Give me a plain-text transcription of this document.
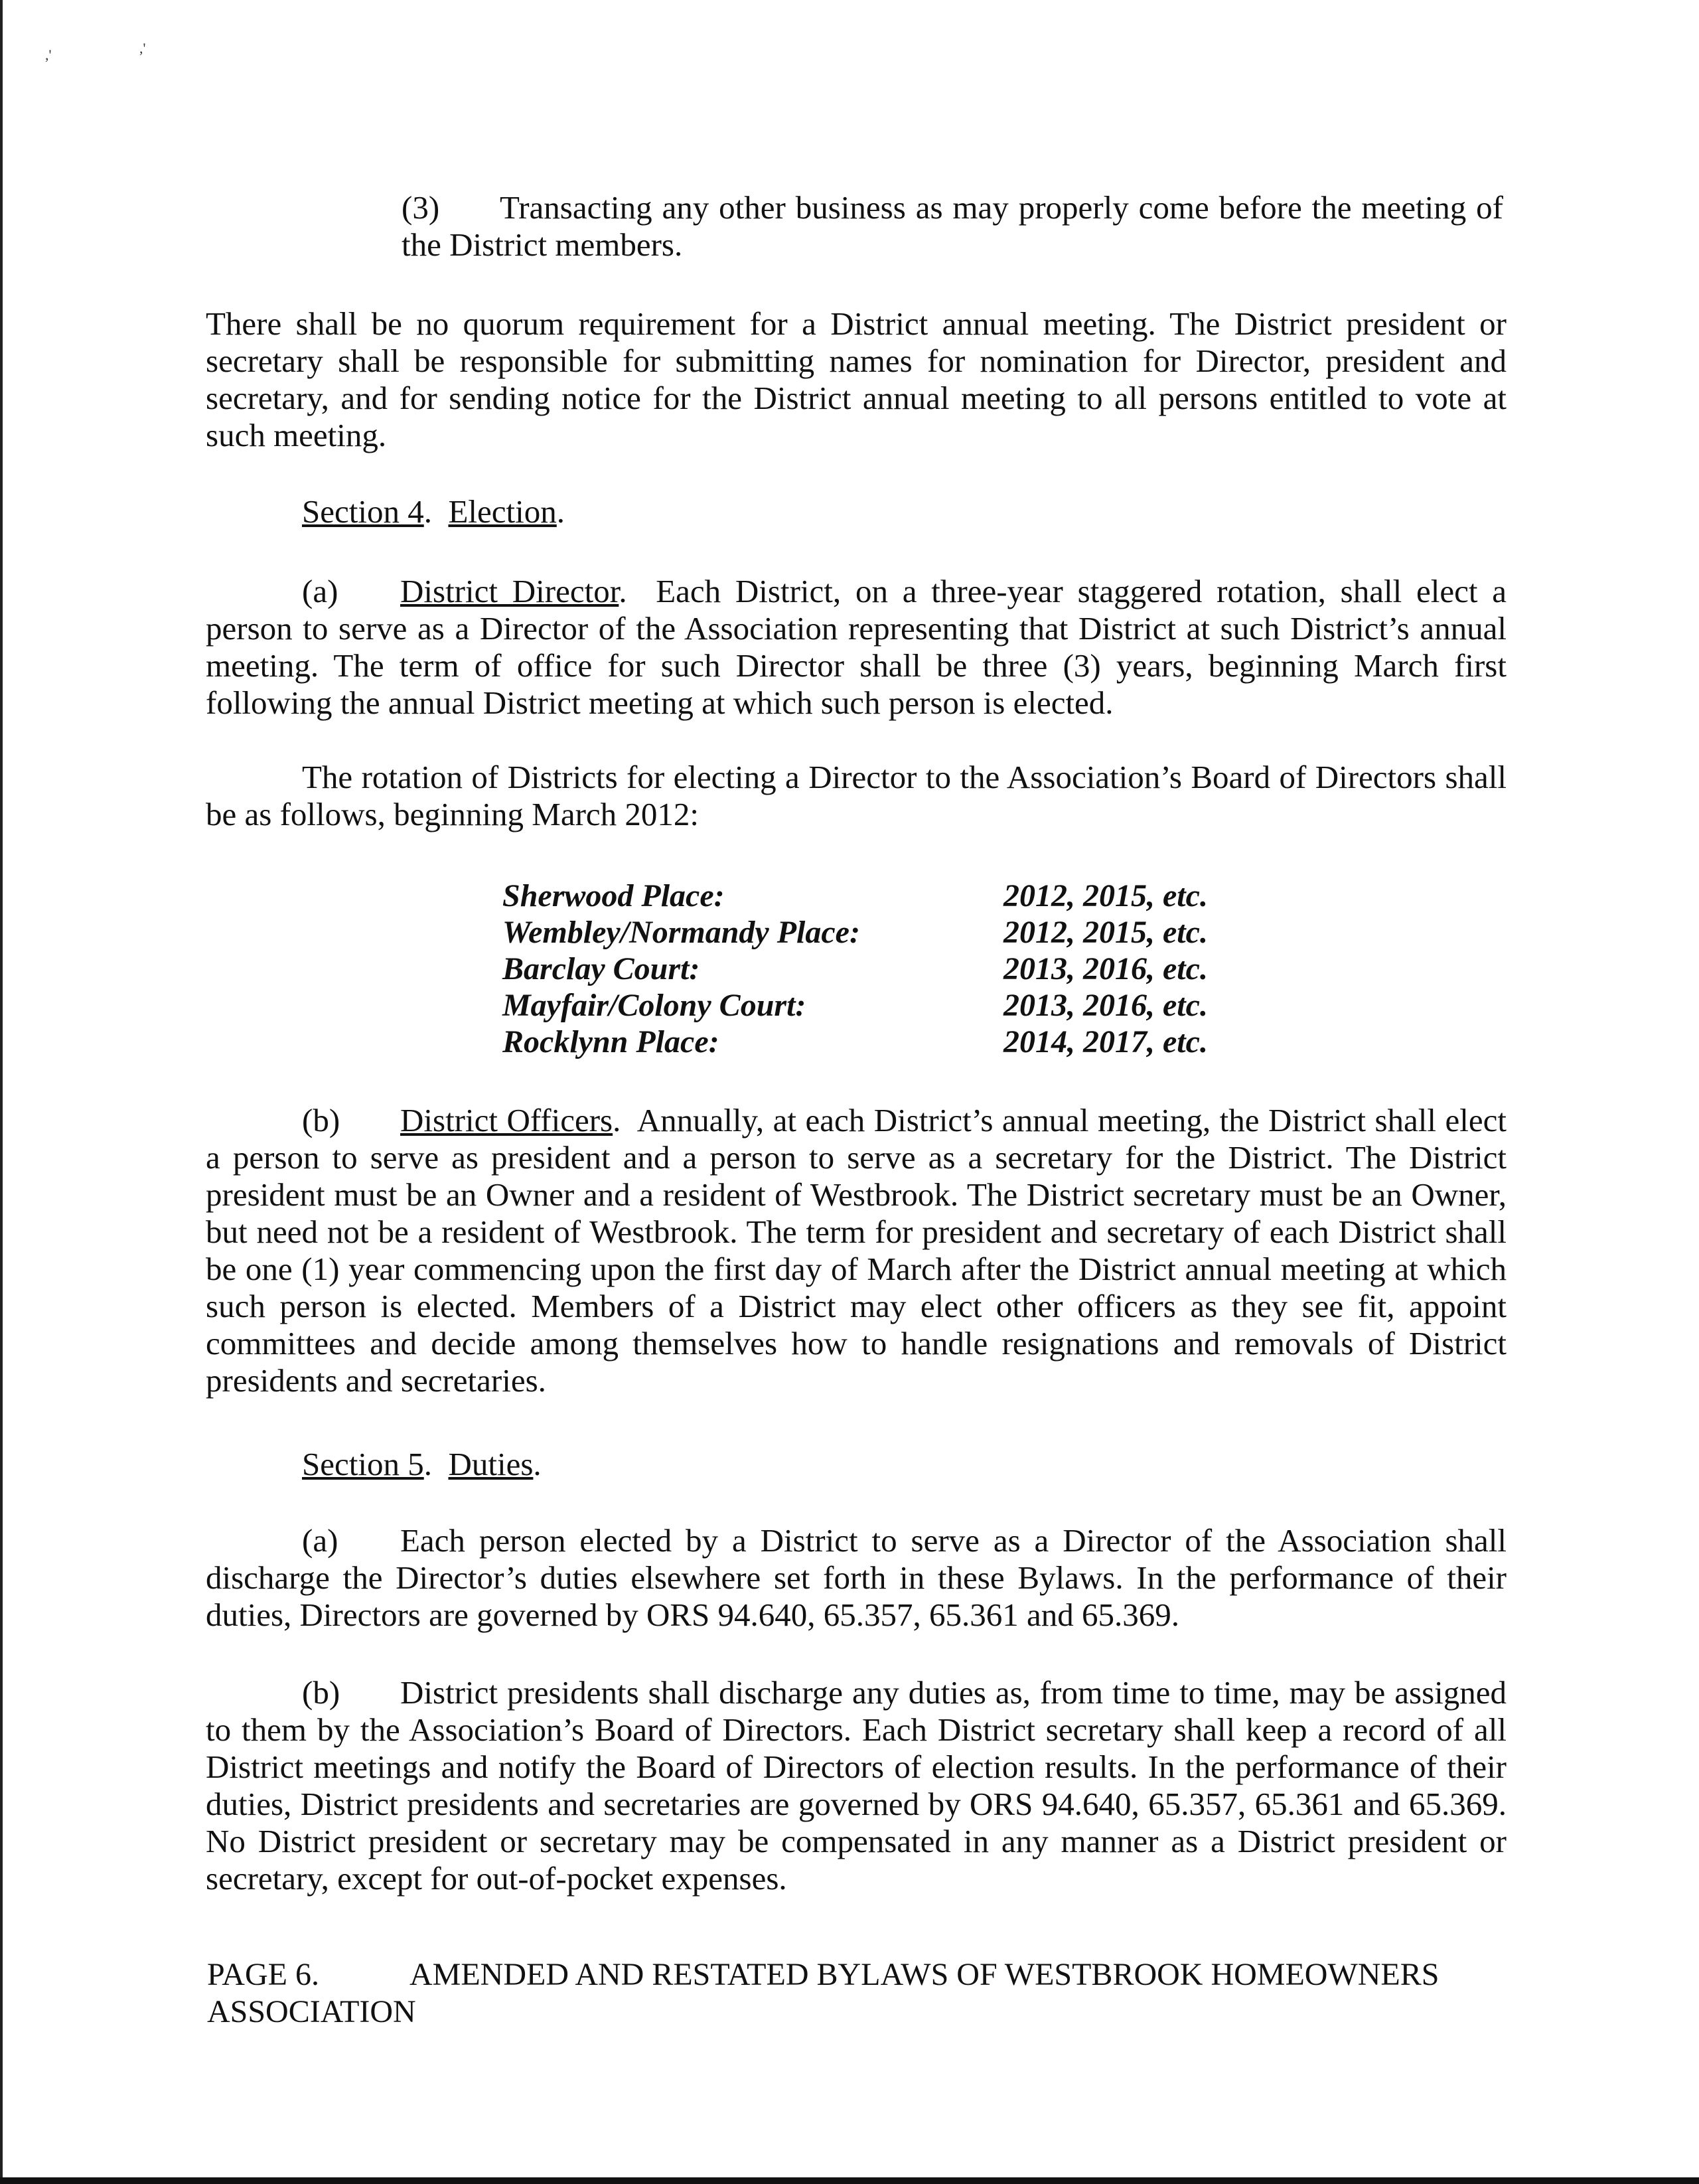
,'	,'

(3) Transacting any other business as may properly come before the meeting of the District members.

There shall be no quorum requirement for a District annual meeting. The District president or secretary shall be responsible for submitting names for nomination for Director, president and secretary, and for sending notice for the District annual meeting to all persons entitled to vote at such meeting.

Section 4.  Election.

(a) District Director.  Each District, on a three-year staggered rotation, shall elect a person to serve as a Director of the Association representing that District at such District’s annual meeting. The term of office for such Director shall be three (3) years, beginning March first following the annual District meeting at which such person is elected.

The rotation of Districts for electing a Director to the Association’s Board of Directors shall be as follows, beginning March 2012:

Sherwood Place:	2012, 2015, etc.
Wembley/Normandy Place:	2012, 2015, etc.
Barclay Court:	2013, 2016, etc.
Mayfair/Colony Court:	2013, 2016, etc.
Rocklynn Place:	2014, 2017, etc.

(b) District Officers.  Annually, at each District’s annual meeting, the District shall elect a person to serve as president and a person to serve as a secretary for the District. The District president must be an Owner and a resident of Westbrook. The District secretary must be an Owner, but need not be a resident of Westbrook. The term for president and secretary of each District shall be one (1) year commencing upon the first day of March after the District annual meeting at which such person is elected. Members of a District may elect other officers as they see fit, appoint committees and decide among themselves how to handle resignations and removals of District presidents and secretaries.

Section 5.  Duties.

(a) Each person elected by a District to serve as a Director of the Association shall discharge the Director’s duties elsewhere set forth in these Bylaws. In the performance of their duties, Directors are governed by ORS 94.640, 65.357, 65.361 and 65.369.

(b) District presidents shall discharge any duties as, from time to time, may be assigned to them by the Association’s Board of Directors. Each District secretary shall keep a record of all District meetings and notify the Board of Directors of election results. In the performance of their duties, District presidents and secretaries are governed by ORS 94.640, 65.357, 65.361 and 65.369. No District president or secretary may be compensated in any manner as a District president or secretary, except for out-of-pocket expenses.

PAGE 6.	AMENDED AND RESTATED BYLAWS OF WESTBROOK HOMEOWNERS ASSOCIATION
